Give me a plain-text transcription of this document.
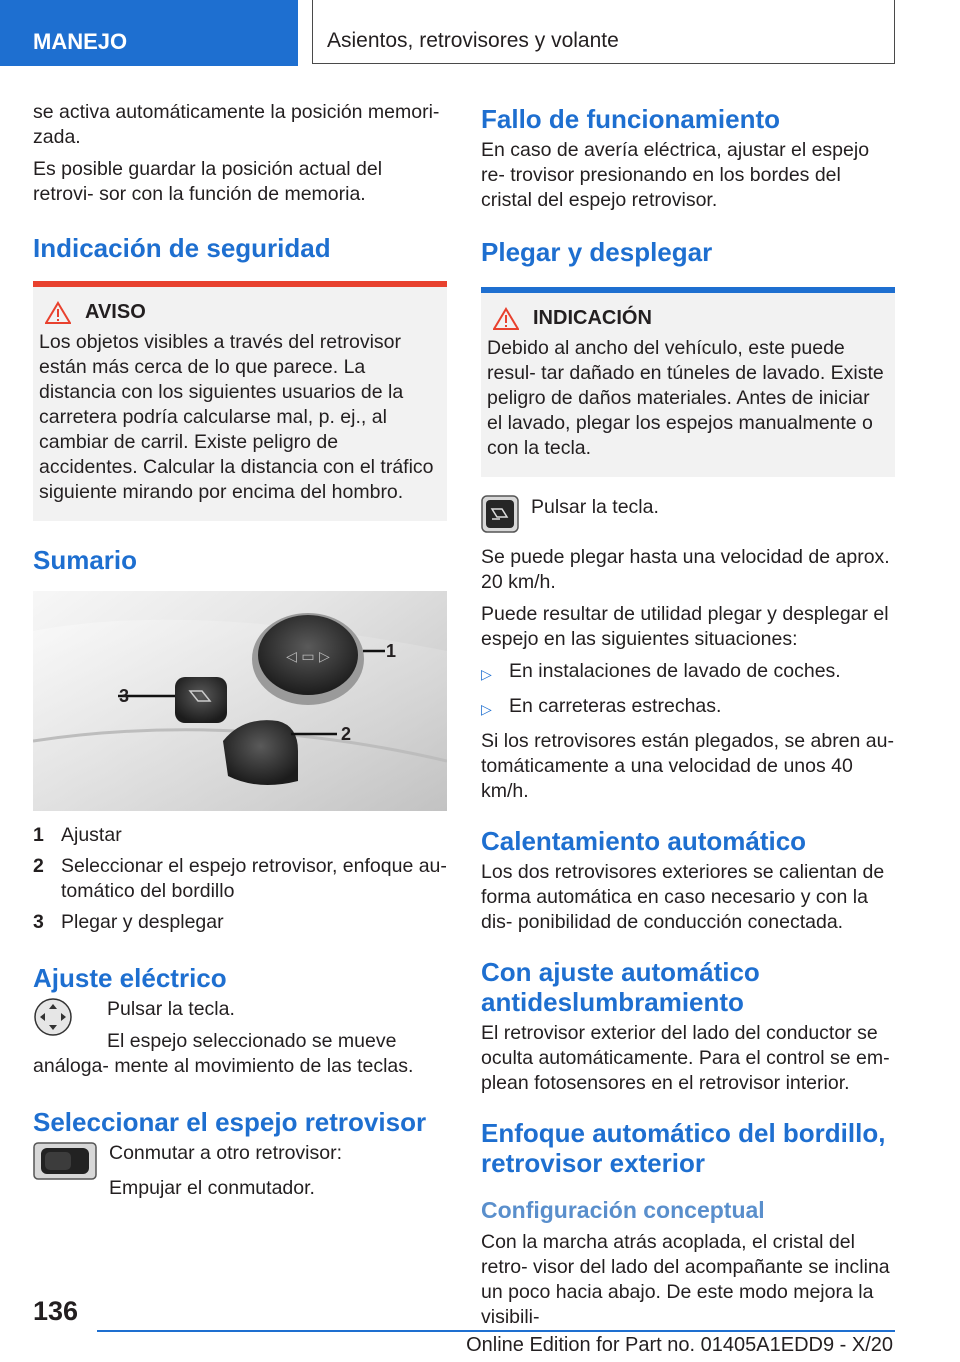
MANEJO	Asientos, retrovisores y volante

se activa automáticamente la posición memori- zada.

Es posible guardar la posición actual del retrovi- sor con la función de memoria.

Indicación de seguridad
AVISO

Los objetos visibles a través del retrovisor están más cerca de lo que parece. La distancia con los siguientes usuarios de la carretera podría calcularse mal, p. ej., al cambiar de carril. Existe peligro de accidentes. Calcular la distancia con el tráfico siguiente mirando por encima del hombro.

Sumario
◁ ▭ ▷	1
3
2
1 Ajustar
2 Seleccionar el espejo retrovisor, enfoque au- tomático del bordillo
3 Plegar y desplegar
Ajuste eléctrico

Pulsar la tecla.

El espejo seleccionado se mueve análoga- mente al movimiento de las teclas.

Seleccionar el espejo retrovisor

Conmutar a otro retrovisor:

Empujar el conmutador.

Fallo de funcionamiento

En caso de avería eléctrica, ajustar el espejo re- trovisor presionando en los bordes del cristal del espejo retrovisor.

Plegar y desplegar
INDICACIÓN

Debido al ancho del vehículo, este puede resul- tar dañado en túneles de lavado. Existe peligro de daños materiales. Antes de iniciar el lavado, plegar los espejos manualmente o con la tecla.

Pulsar la tecla.

Se puede plegar hasta una velocidad de aprox. 20 km/h.

Puede resultar de utilidad plegar y desplegar el espejo en las siguientes situaciones:

▷ En instalaciones de lavado de coches.
▷ En carreteras estrechas.

Si los retrovisores están plegados, se abren au- tomáticamente a una velocidad de unos 40 km/h.

Calentamiento automático

Los dos retrovisores exteriores se calientan de forma automática en caso necesario y con la dis- ponibilidad de conducción conectada.

Con ajuste automático antideslumbramiento

El retrovisor exterior del lado del conductor se oculta automáticamente. Para el control se em- plean fotosensores en el retrovisor interior.

Enfoque automático del bordillo, retrovisor exterior
Configuración conceptual

Con la marcha atrás acoplada, el cristal del retro- visor del lado del acompañante se inclina un poco hacia abajo. De este modo mejora la visibili-

136
Online Edition for Part no. 01405A1EDD9 - X/20
